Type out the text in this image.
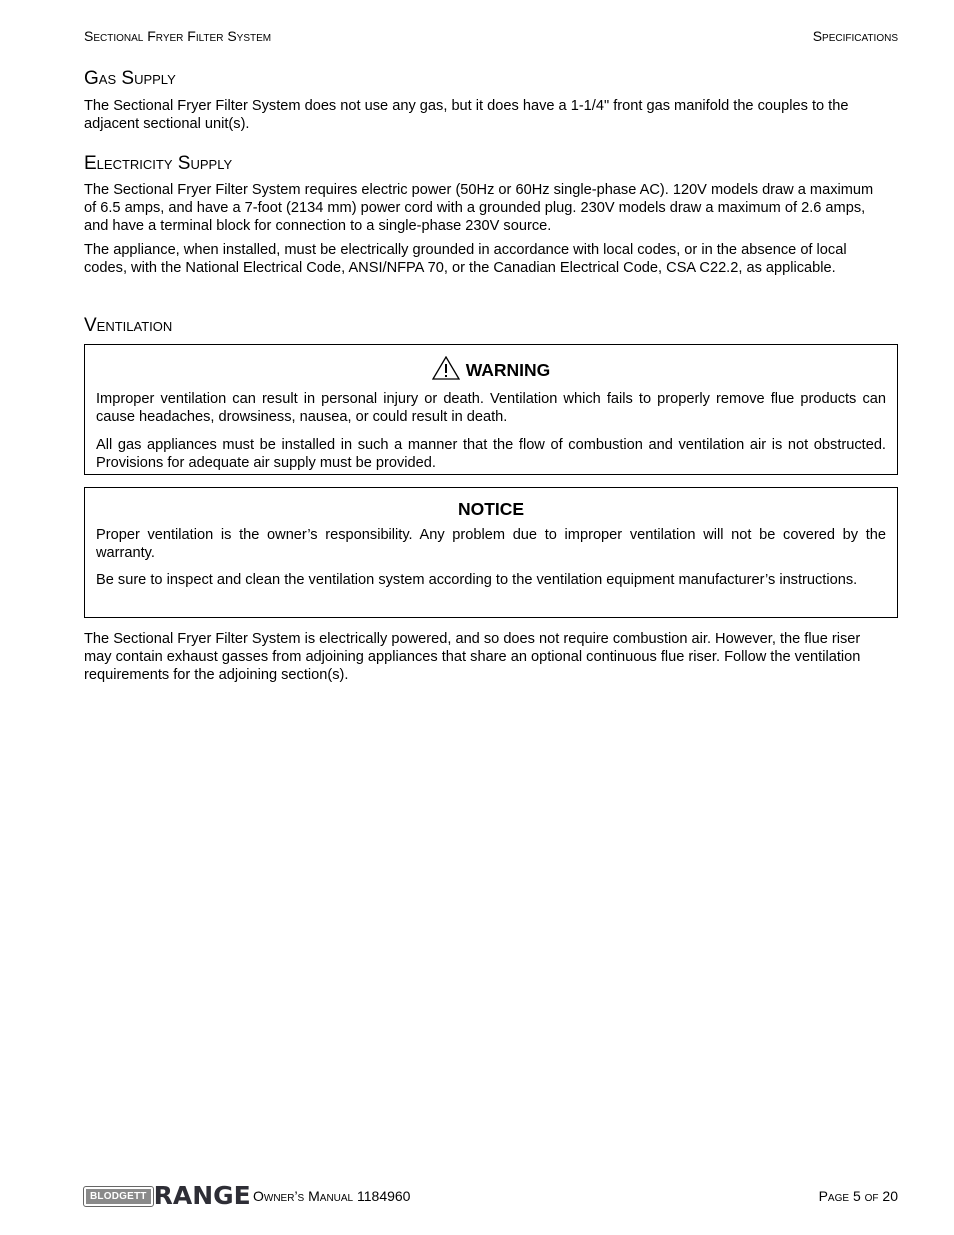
Sectional Fryer Filter System	Specifications
Gas Supply

The Sectional Fryer Filter System does not use any gas, but it does have a 1-1/4" front gas manifold the couples to the adjacent sectional unit(s).

Electricity Supply

The Sectional Fryer Filter System requires electric power (50Hz or 60Hz single-phase AC). 120V models draw a maximum of 6.5 amps, and have a 7-foot (2134 mm) power cord with a grounded plug. 230V models draw a maximum of 2.6 amps, and have a terminal block for connection to a single-phase 230V source.

The appliance, when installed, must be electrically grounded in accordance with local codes, or in the absence of local codes, with the National Electrical Code, ANSI/NFPA 70, or the Canadian Electrical Code, CSA C22.2, as applicable.

Ventilation
WARNING

Improper ventilation can result in personal injury or death. Ventilation which fails to properly remove flue products can cause headaches, drowsiness, nausea, or could result in death.

All gas appliances must be installed in such a manner that the flow of combustion and ventilation air is not obstructed. Provisions for adequate air supply must be provided.

NOTICE

Proper ventilation is the owner’s responsibility. Any problem due to improper ventilation will not be covered by the warranty.

Be sure to inspect and clean the ventilation system according to the ventilation equipment manufacturer’s instructions.

The Sectional Fryer Filter System is electrically powered, and so does not require combustion air. However, the flue riser may contain exhaust gasses from adjoining appliances that share an optional continuous flue riser. Follow the ventilation requirements for the adjoining section(s).

BLODGETT RANGE Owner’s Manual 1184960	Page 5 of 20
